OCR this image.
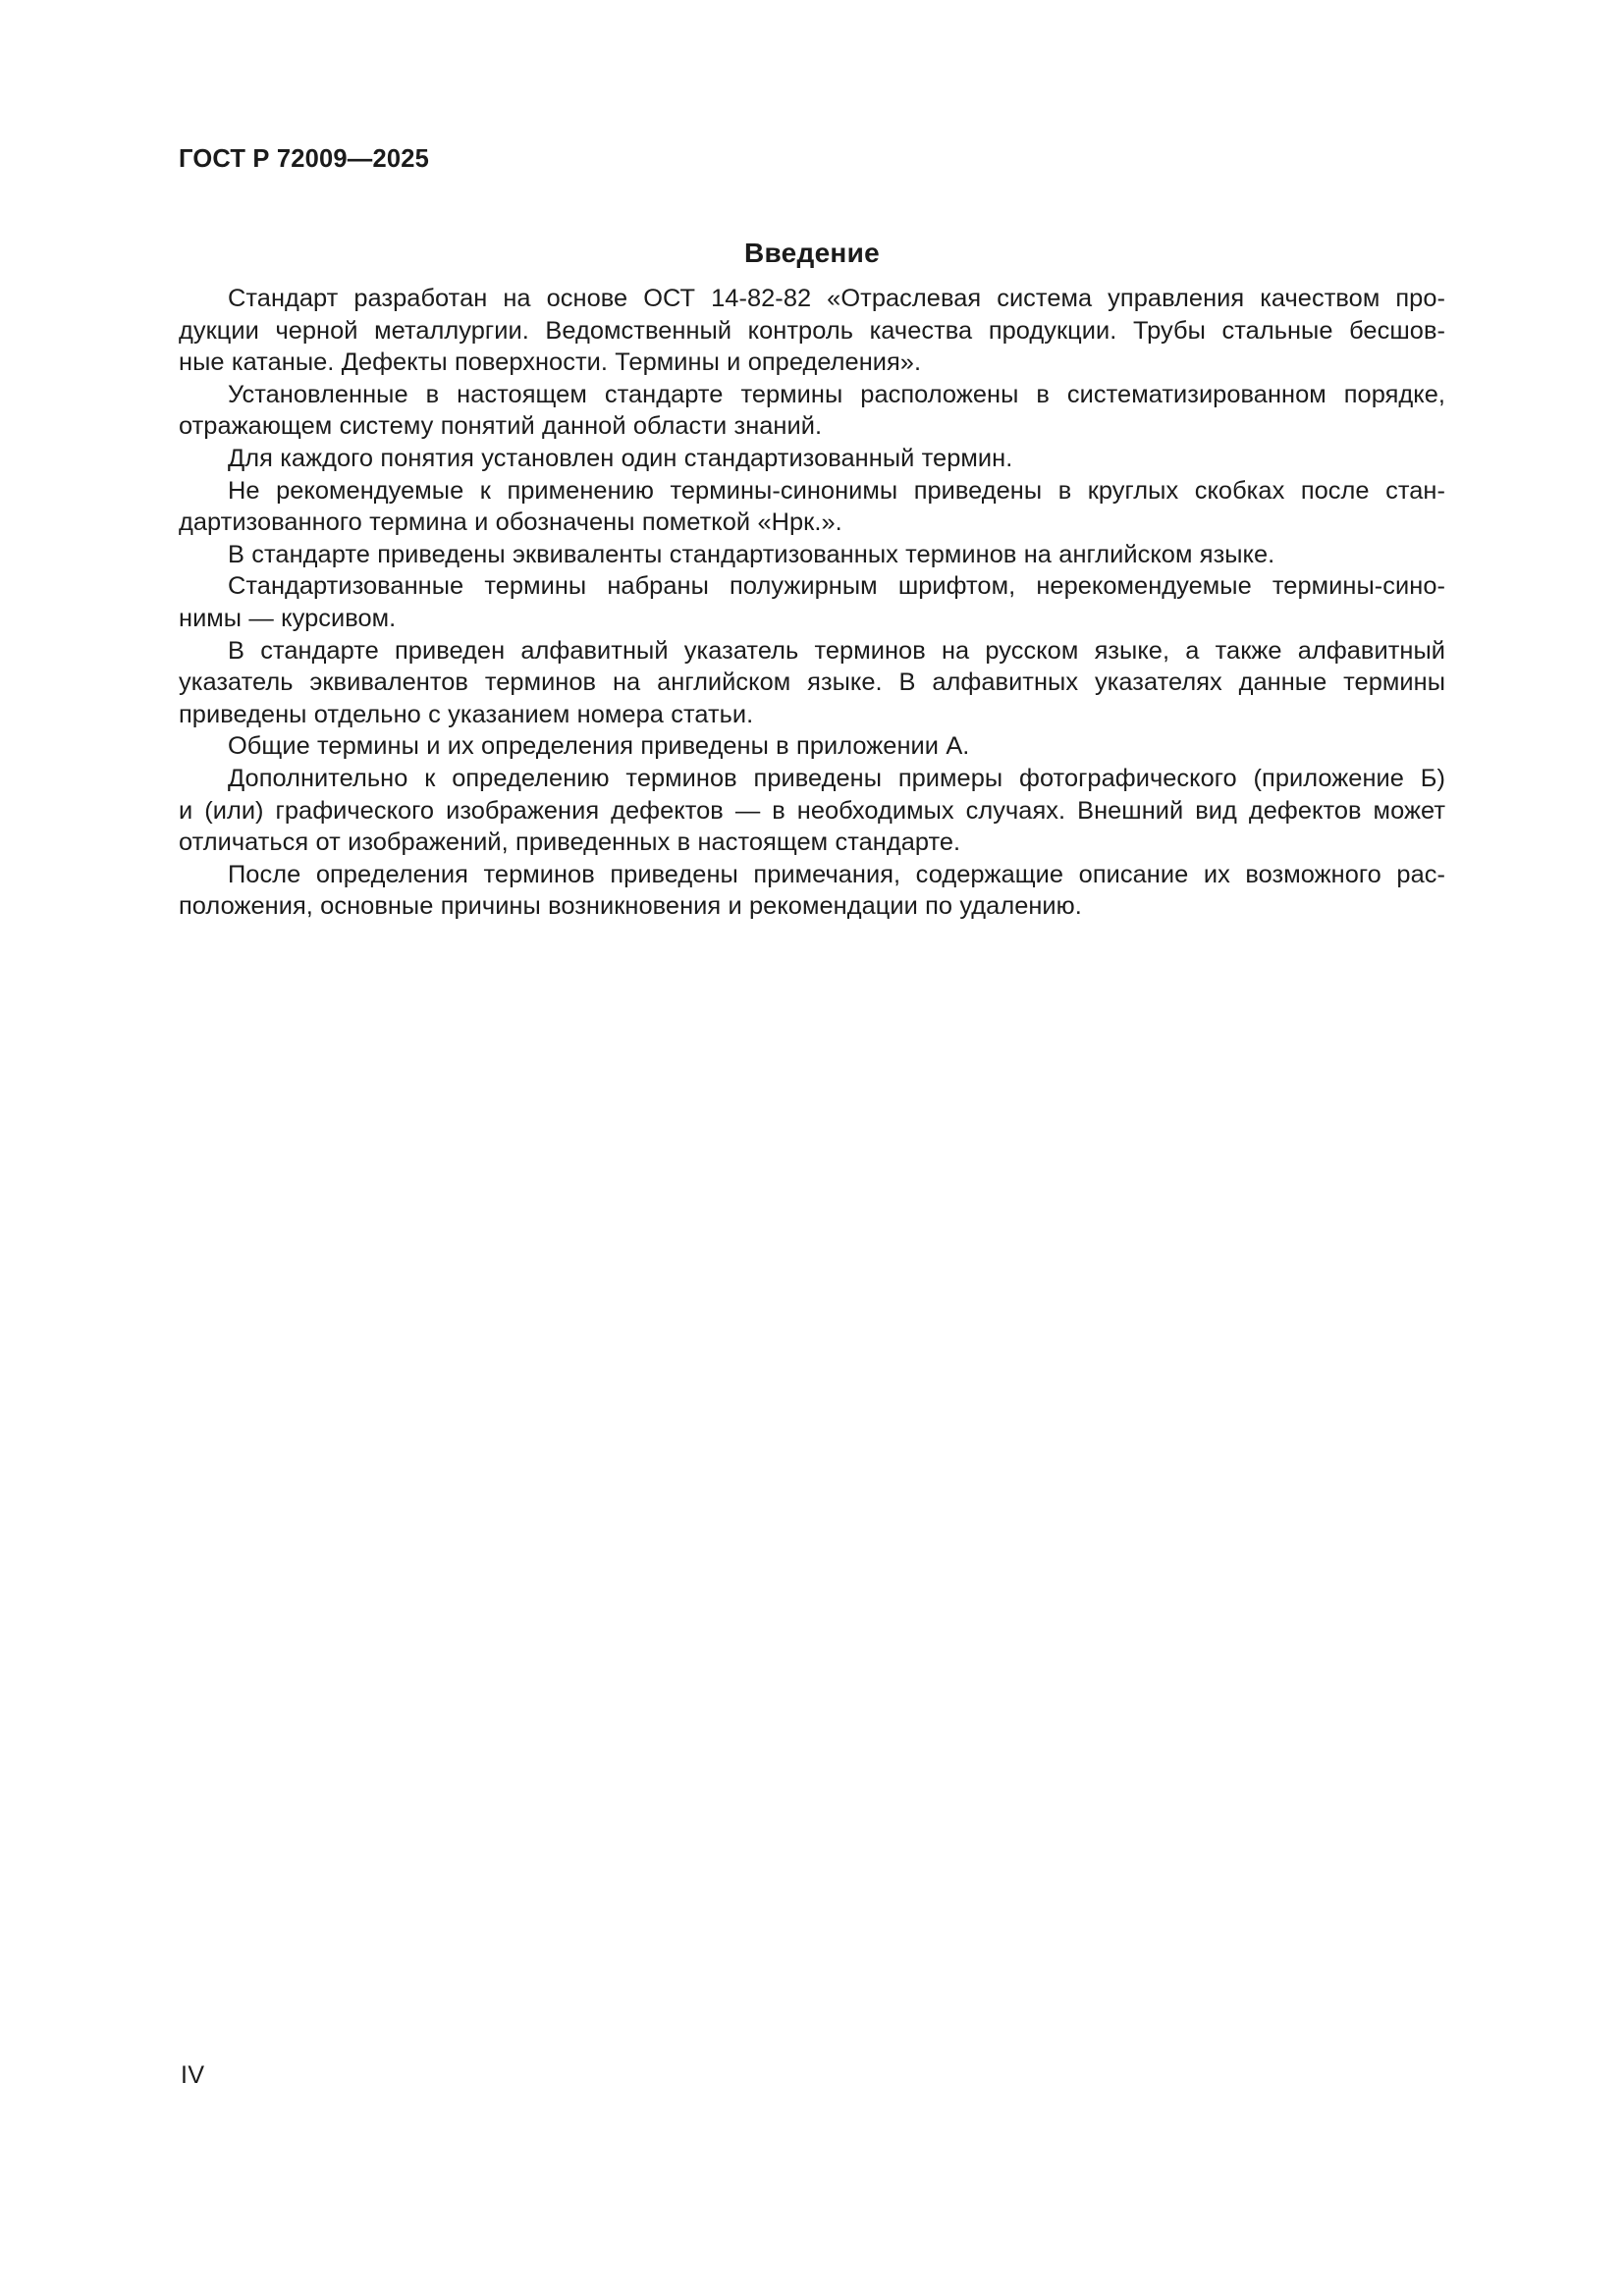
ГОСТ Р 72009—2025
Введение

Стандарт разработан на основе ОСТ 14-82-82 «Отраслевая система управления качеством про-
дукции черной металлургии. Ведомственный контроль качества продукции. Трубы стальные бесшов-
ные катаные. Дефекты поверхности. Термины и определения».

Установленные в настоящем стандарте термины расположены в систематизированном порядке,
отражающем систему понятий данной области знаний.

Для каждого понятия установлен один стандартизованный термин.

Не рекомендуемые к применению термины-синонимы приведены в круглых скобках после стан-
дартизованного термина и обозначены пометкой «Нрк.».

В стандарте приведены эквиваленты стандартизованных терминов на английском языке.

Стандартизованные термины набраны полужирным шрифтом, нерекомендуемые термины-сино-
нимы — курсивом.

В стандарте приведен алфавитный указатель терминов на русском языке, а также алфавитный
указатель эквивалентов терминов на английском языке. В алфавитных указателях данные термины
приведены отдельно с указанием номера статьи.

Общие термины и их определения приведены в приложении А.

Дополнительно к определению терминов приведены примеры фотографического (приложение Б)
и (или) графического изображения дефектов — в необходимых случаях. Внешний вид дефектов может
отличаться от изображений, приведенных в настоящем стандарте.

После определения терминов приведены примечания, содержащие описание их возможного рас-
положения, основные причины возникновения и рекомендации по удалению.

IV
